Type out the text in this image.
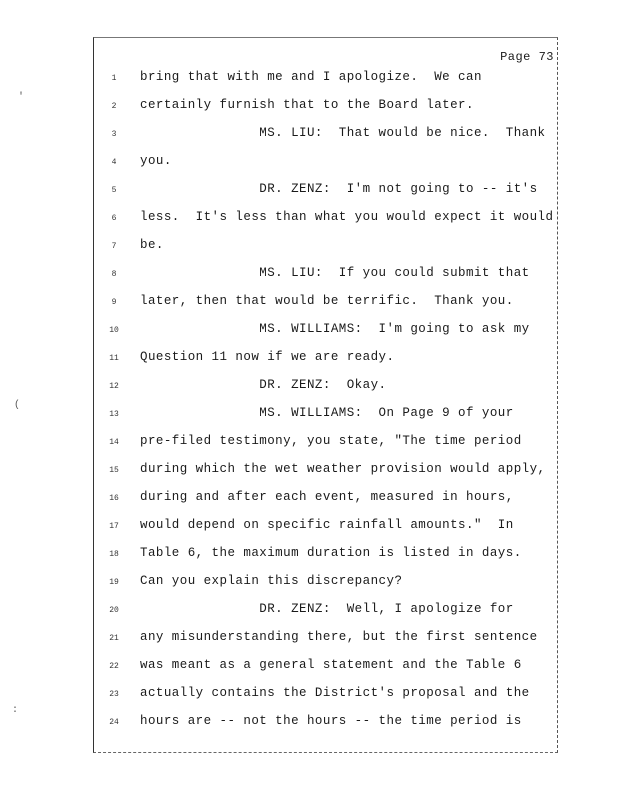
Page 73
'
(
:
1	bring that with me and I apologize.  We can
2	certainly furnish that to the Board later.
3	MS. LIU:  That would be nice.  Thank
4	you.
5	DR. ZENZ:  I'm not going to -- it's
6	less.  It's less than what you would expect it would
7	be.
8	MS. LIU:  If you could submit that
9	later, then that would be terrific.  Thank you.
10	MS. WILLIAMS:  I'm going to ask my
11	Question 11 now if we are ready.
12	DR. ZENZ:  Okay.
13	MS. WILLIAMS:  On Page 9 of your
14	pre-filed testimony, you state, "The time period
15	during which the wet weather provision would apply,
16	during and after each event, measured in hours,
17	would depend on specific rainfall amounts."  In
18	Table 6, the maximum duration is listed in days.
19	Can you explain this discrepancy?
20	DR. ZENZ:  Well, I apologize for
21	any misunderstanding there, but the first sentence
22	was meant as a general statement and the Table 6
23	actually contains the District's proposal and the
24	hours are -- not the hours -- the time period is
